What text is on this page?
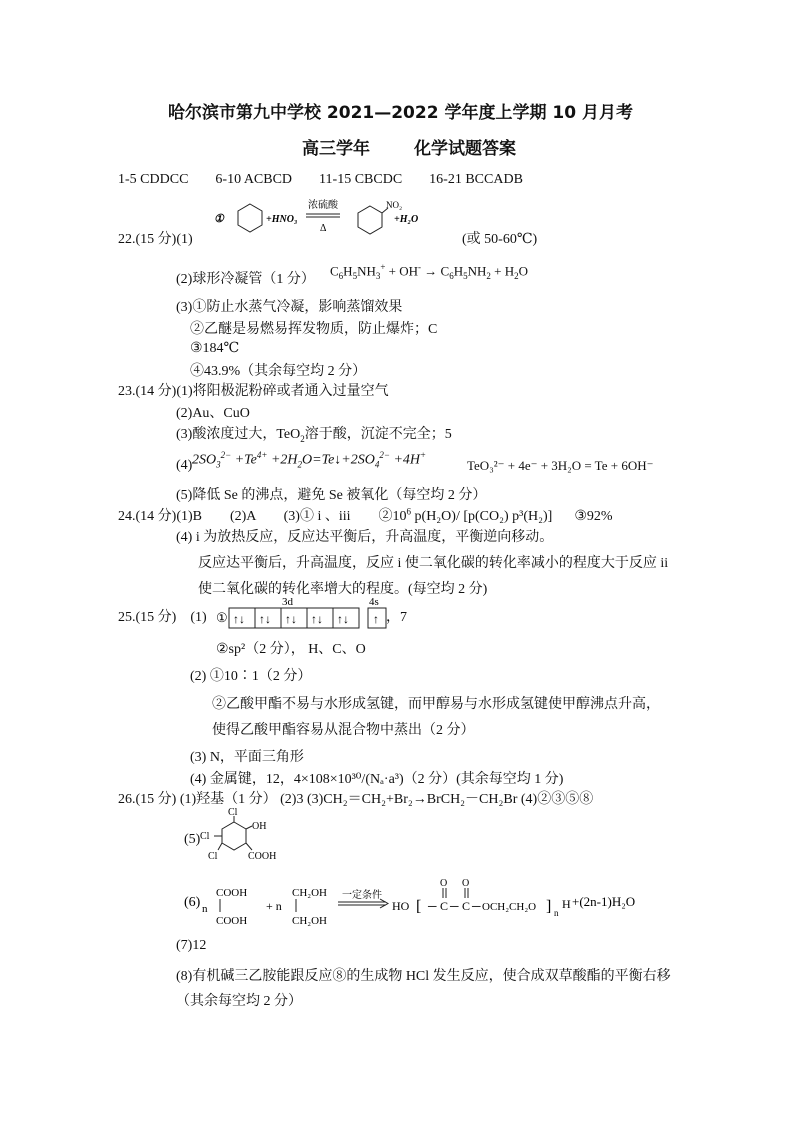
哈尔滨市第九中学校 2021—2022 学年度上学期 10 月月考
高三学年	化学试题答案
1-5 CDDCC 6-10 ACBCD 11-15 CBCDC 16-21 BCCADB
22.(15 分)(1)
①	+HNO₃
浓硫酸
Δ
NO₂
+H₂O
(或 50-60℃)
(2)球形冷凝管（1 分）
$C_6H_5NH_3^+ + OH^- \to C_6H_5NH_2 + H_2O$
(3)①防止水蒸气冷凝，影响蒸馏效果
②乙醚是易燃易挥发物质，防止爆炸；C
③184℃
④43.9%（其余每空均 2 分）
23.(14 分)(1)将阳极泥粉碎或者通入过量空气
(2)Au、CuO
(3)酸浓度过大，TeO$_2$溶于酸，沉淀不完全；5
(4) $2SO_3^{2-} +Te^{4+}$ $+2H_2O=Te↓+2SO_4^{2-} +4H^+$
TeO₃²⁻ + 4e⁻ + 3H₂O = Te + 6OH⁻
(5)降低 Se 的沸点，避免 Se 被氧化（每空均 2 分）
24.(14 分)(1)B　　(2)A　　(3)① i 、iii　　$②10^6$ p(H₂O)/ [p(CO₂) p³(H₂)] ③92%
(4) i 为放热反应，反应达平衡后，升高温度，平衡逆向移动。
反应达平衡后，升高温度，反应 i 使二氧化碳的转化率减小的程度大于反应 ii
使二氧化碳的转化率增大的程度。(每空均 2 分)
25.(15 分)　(1) ①
3d
↑↓ ↑↓ ↑↓ ↑↓ ↑↓
4s
↑ ，7
②sp²（2 分）， H、C、O
(2) ①10∶1（2 分）
②乙酸甲酯不易与水形成氢键，而甲醇易与水形成氢键使甲醇沸点升高，
使得乙酸甲酯容易从混合物中蒸出（2 分）
(3) N，平面三角形
(4) 金属键，12，4×108×10³⁰/(Nₐ·a³)（2 分）(其余每空均 1 分)
26.(15 分) (1)羟基（1 分） (2)3 (3)CH₂＝CH₂+Br₂→BrCH₂－CH₂Br (4)②③⑤⑧
(5)
Cl
OH
Cl
Cl	COOH
(6) n
COOH
COOH
+ n
CH₂OH
CH₂OH
一定条件
HO [ ─ C
O
─ C
O
─ OCH₂CH₂O ] n
H +(2n-1)H₂O
(7)12
(8)有机碱三乙胺能跟反应⑧的生成物 HCl 发生反应，使合成双草酸酯的平衡右移
（其余每空均 2 分）
